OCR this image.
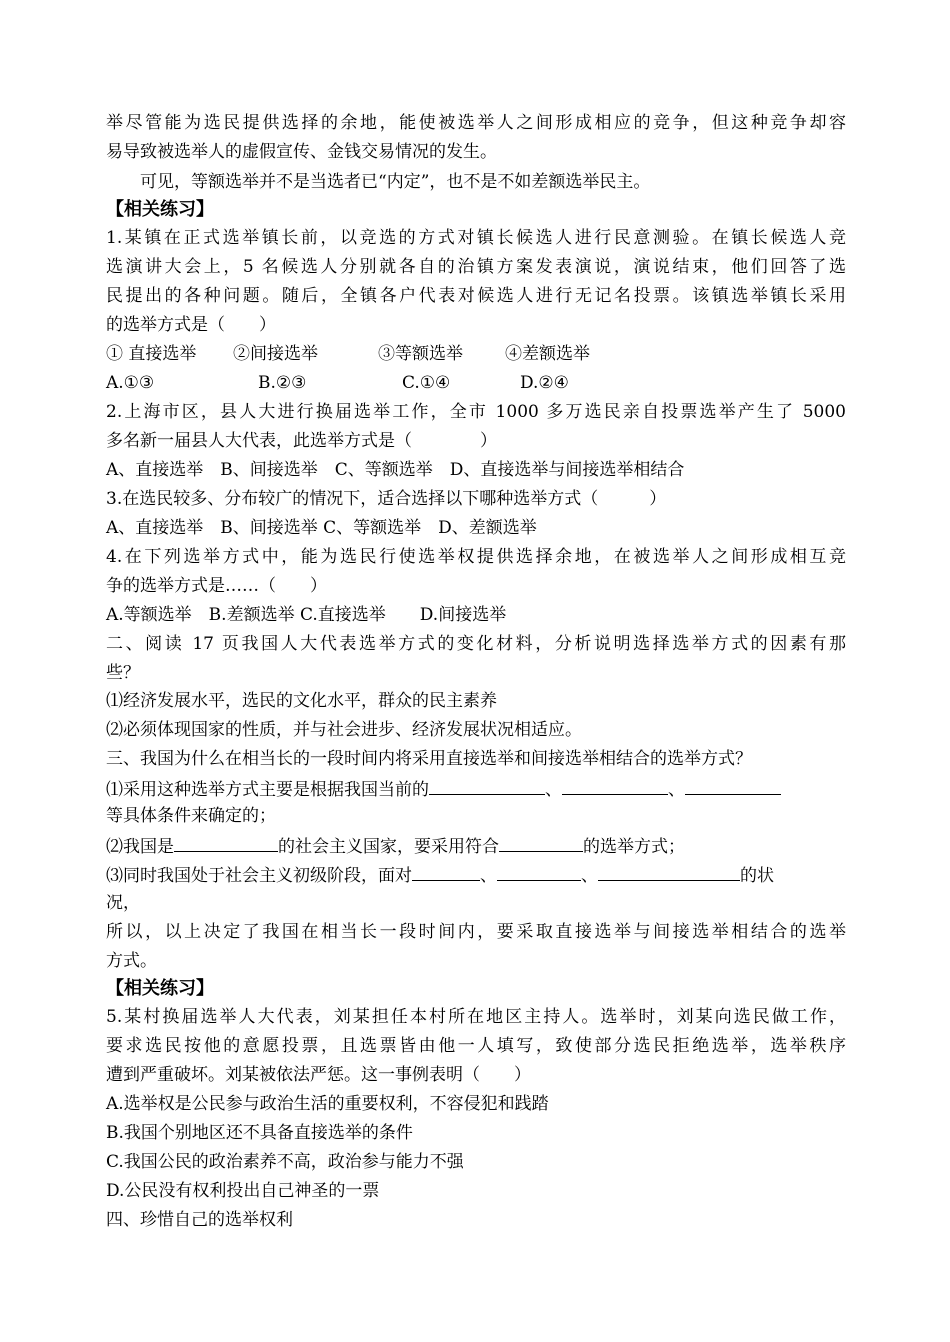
举尽管能为选民提供选择的余地，能使被选举人之间形成相应的竞争，但这种竞争却容
易导致被选举人的虚假宣传、金钱交易情况的发生。
可见，等额选举并不是当选者已“内定”，也不是不如差额选举民主。
【相关练习】
1.某镇在正式选举镇长前，以竞选的方式对镇长候选人进行民意测验。在镇长候选人竞
选演讲大会上，5 名候选人分别就各自的治镇方案发表演说，演说结束，他们回答了选
民提出的各种问题。随后，全镇各户代表对候选人进行无记名投票。该镇选举镇长采用
的选举方式是（　　）
① 直接选举 ②间接选举	③等额选举 ④差额选举
A.①③	B.②③	C.①④	D.②④
2.上海市区，县人大进行换届选举工作，全市 1000 多万选民亲自投票选举产生了 5000
多名新一届县人大代表，此选举方式是（　　　　）
A、直接选举　B、间接选举　C、等额选举　D、直接选举与间接选举相结合
3.在选民较多、分布较广的情况下，适合选择以下哪种选举方式（　　　）
A、直接选举　B、间接选举 C、等额选举　D、差额选举
4.在下列选举方式中，能为选民行使选举权提供选择余地，在被选举人之间形成相互竞
争的选举方式是……（　　）
A.等额选举　B.差额选举 C.直接选举　　D.间接选举
二、阅读 17 页我国人大代表选举方式的变化材料，分析说明选择选举方式的因素有那
些？
⑴经济发展水平，选民的文化水平，群众的民主素养
⑵必须体现国家的性质，并与社会进步、经济发展状况相适应。
三、我国为什么在相当长的一段时间内将采用直接选举和间接选举相结合的选举方式？
⑴采用这种选举方式主要是根据我国当前的	、	、
等具体条件来确定的；
⑵我国是	的社会主义国家，要采用符合	的选举方式；
⑶同时我国处于社会主义初级阶段，面对	、	、	的状
况，
所以，以上决定了我国在相当长一段时间内，要采取直接选举与间接选举相结合的选举
方式。
【相关练习】
5.某村换届选举人大代表，刘某担任本村所在地区主持人。选举时，刘某向选民做工作，
要求选民按他的意愿投票，且选票皆由他一人填写，致使部分选民拒绝选举，选举秩序
遭到严重破坏。刘某被依法严惩。这一事例表明（　　）
A.选举权是公民参与政治生活的重要权利，不容侵犯和践踏
B.我国个别地区还不具备直接选举的条件
C.我国公民的政治素养不高，政治参与能力不强
D.公民没有权利投出自己神圣的一票
四、珍惜自己的选举权利
